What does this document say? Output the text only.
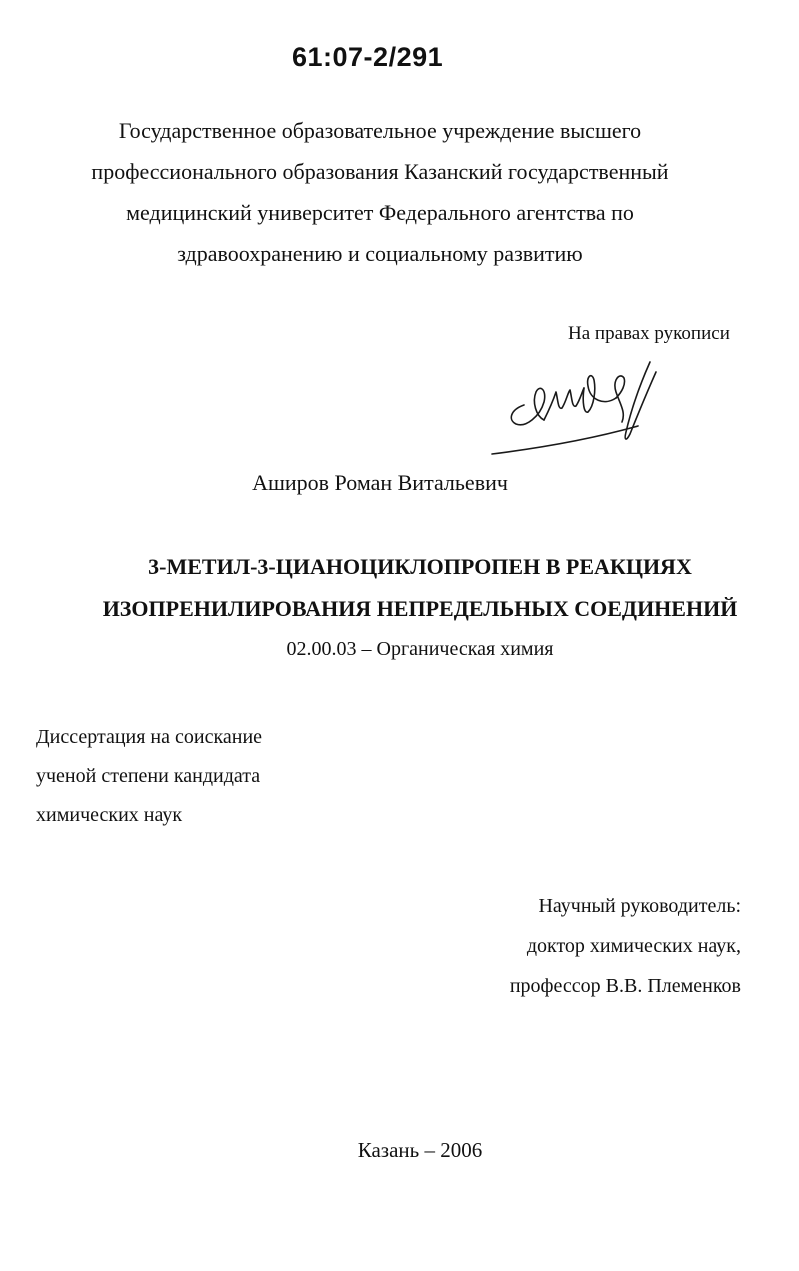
61:07-2/291
Государственное образовательное учреждение высшего
профессионального образования Казанский государственный
медицинский университет Федерального агентства по
здравоохранению и социальному развитию
На правах рукописи
Аширов Роман Витальевич
3-МЕТИЛ-3-ЦИАНОЦИКЛОПРОПЕН В РЕАКЦИЯХ
ИЗОПРЕНИЛИРОВАНИЯ НЕПРЕДЕЛЬНЫХ СОЕДИНЕНИЙ
02.00.03 – Органическая химия
Диссертация на соискание
ученой степени кандидата
химических наук
Научный руководитель:
доктор химических наук,
профессор В.В. Племенков
Казань – 2006
